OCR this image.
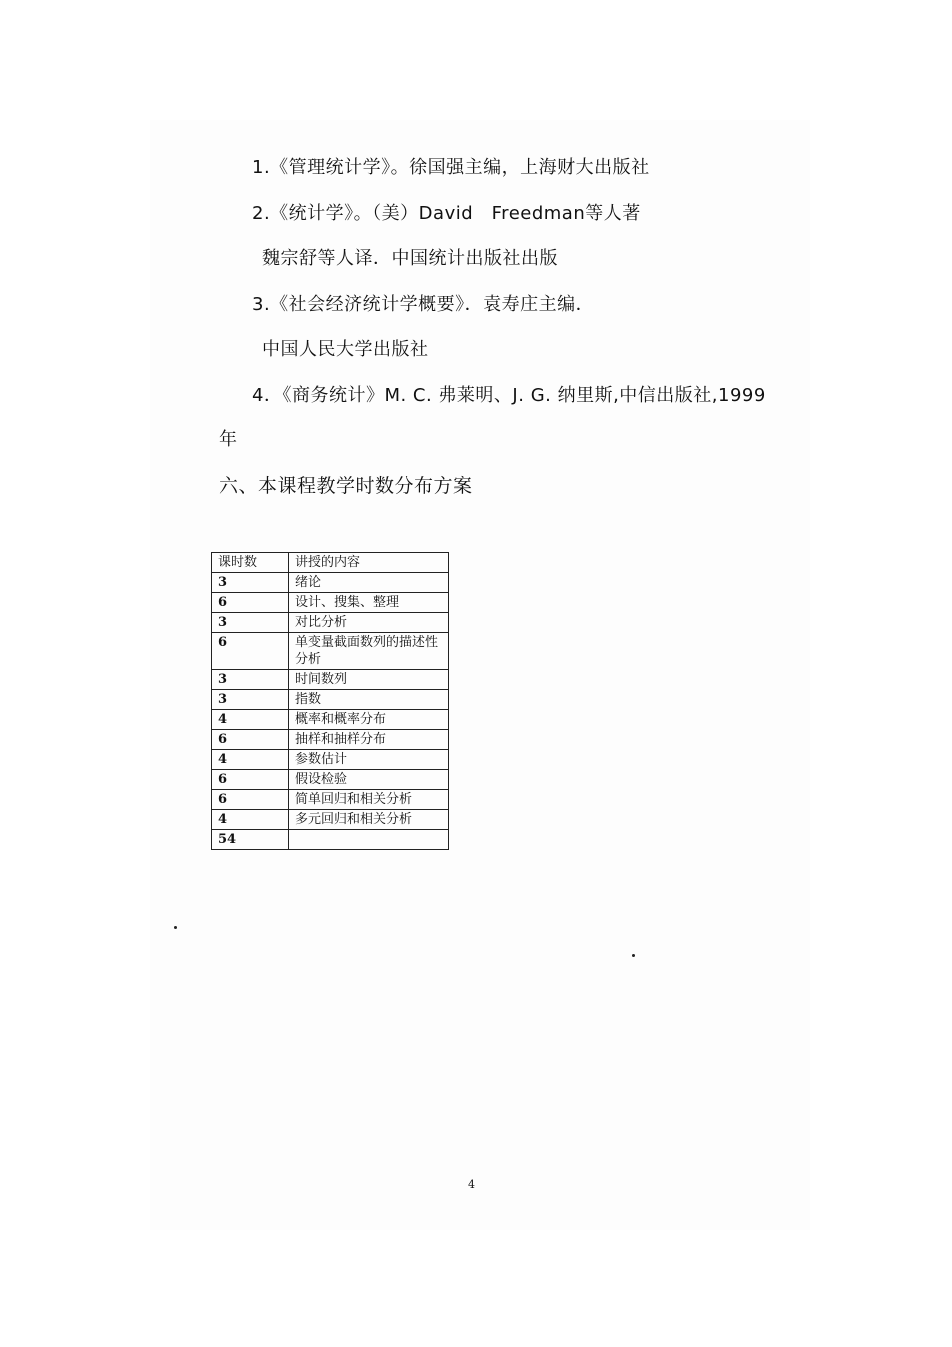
1.《管理统计学》。徐国强主编，上海财大出版社
2.《统计学》。（美）David　Freedman等人著
魏宗舒等人译．中国统计出版社出版
3.《社会经济统计学概要》．袁寿庄主编．
中国人民大学出版社
4．《商务统计》M. C. 弗莱明、J. G. 纳里斯,中信出版社,1999
年
六、本课程教学时数分布方案
课时数	讲授的内容
3	绪论
6	设计、搜集、整理
3	对比分析
6	单变量截面数列的描述性分析
3	时间数列
3	指数
4	概率和概率分布
6	抽样和抽样分布
4	参数估计
6	假设检验
6	简单回归和相关分析
4	多元回归和相关分析
54	
4
